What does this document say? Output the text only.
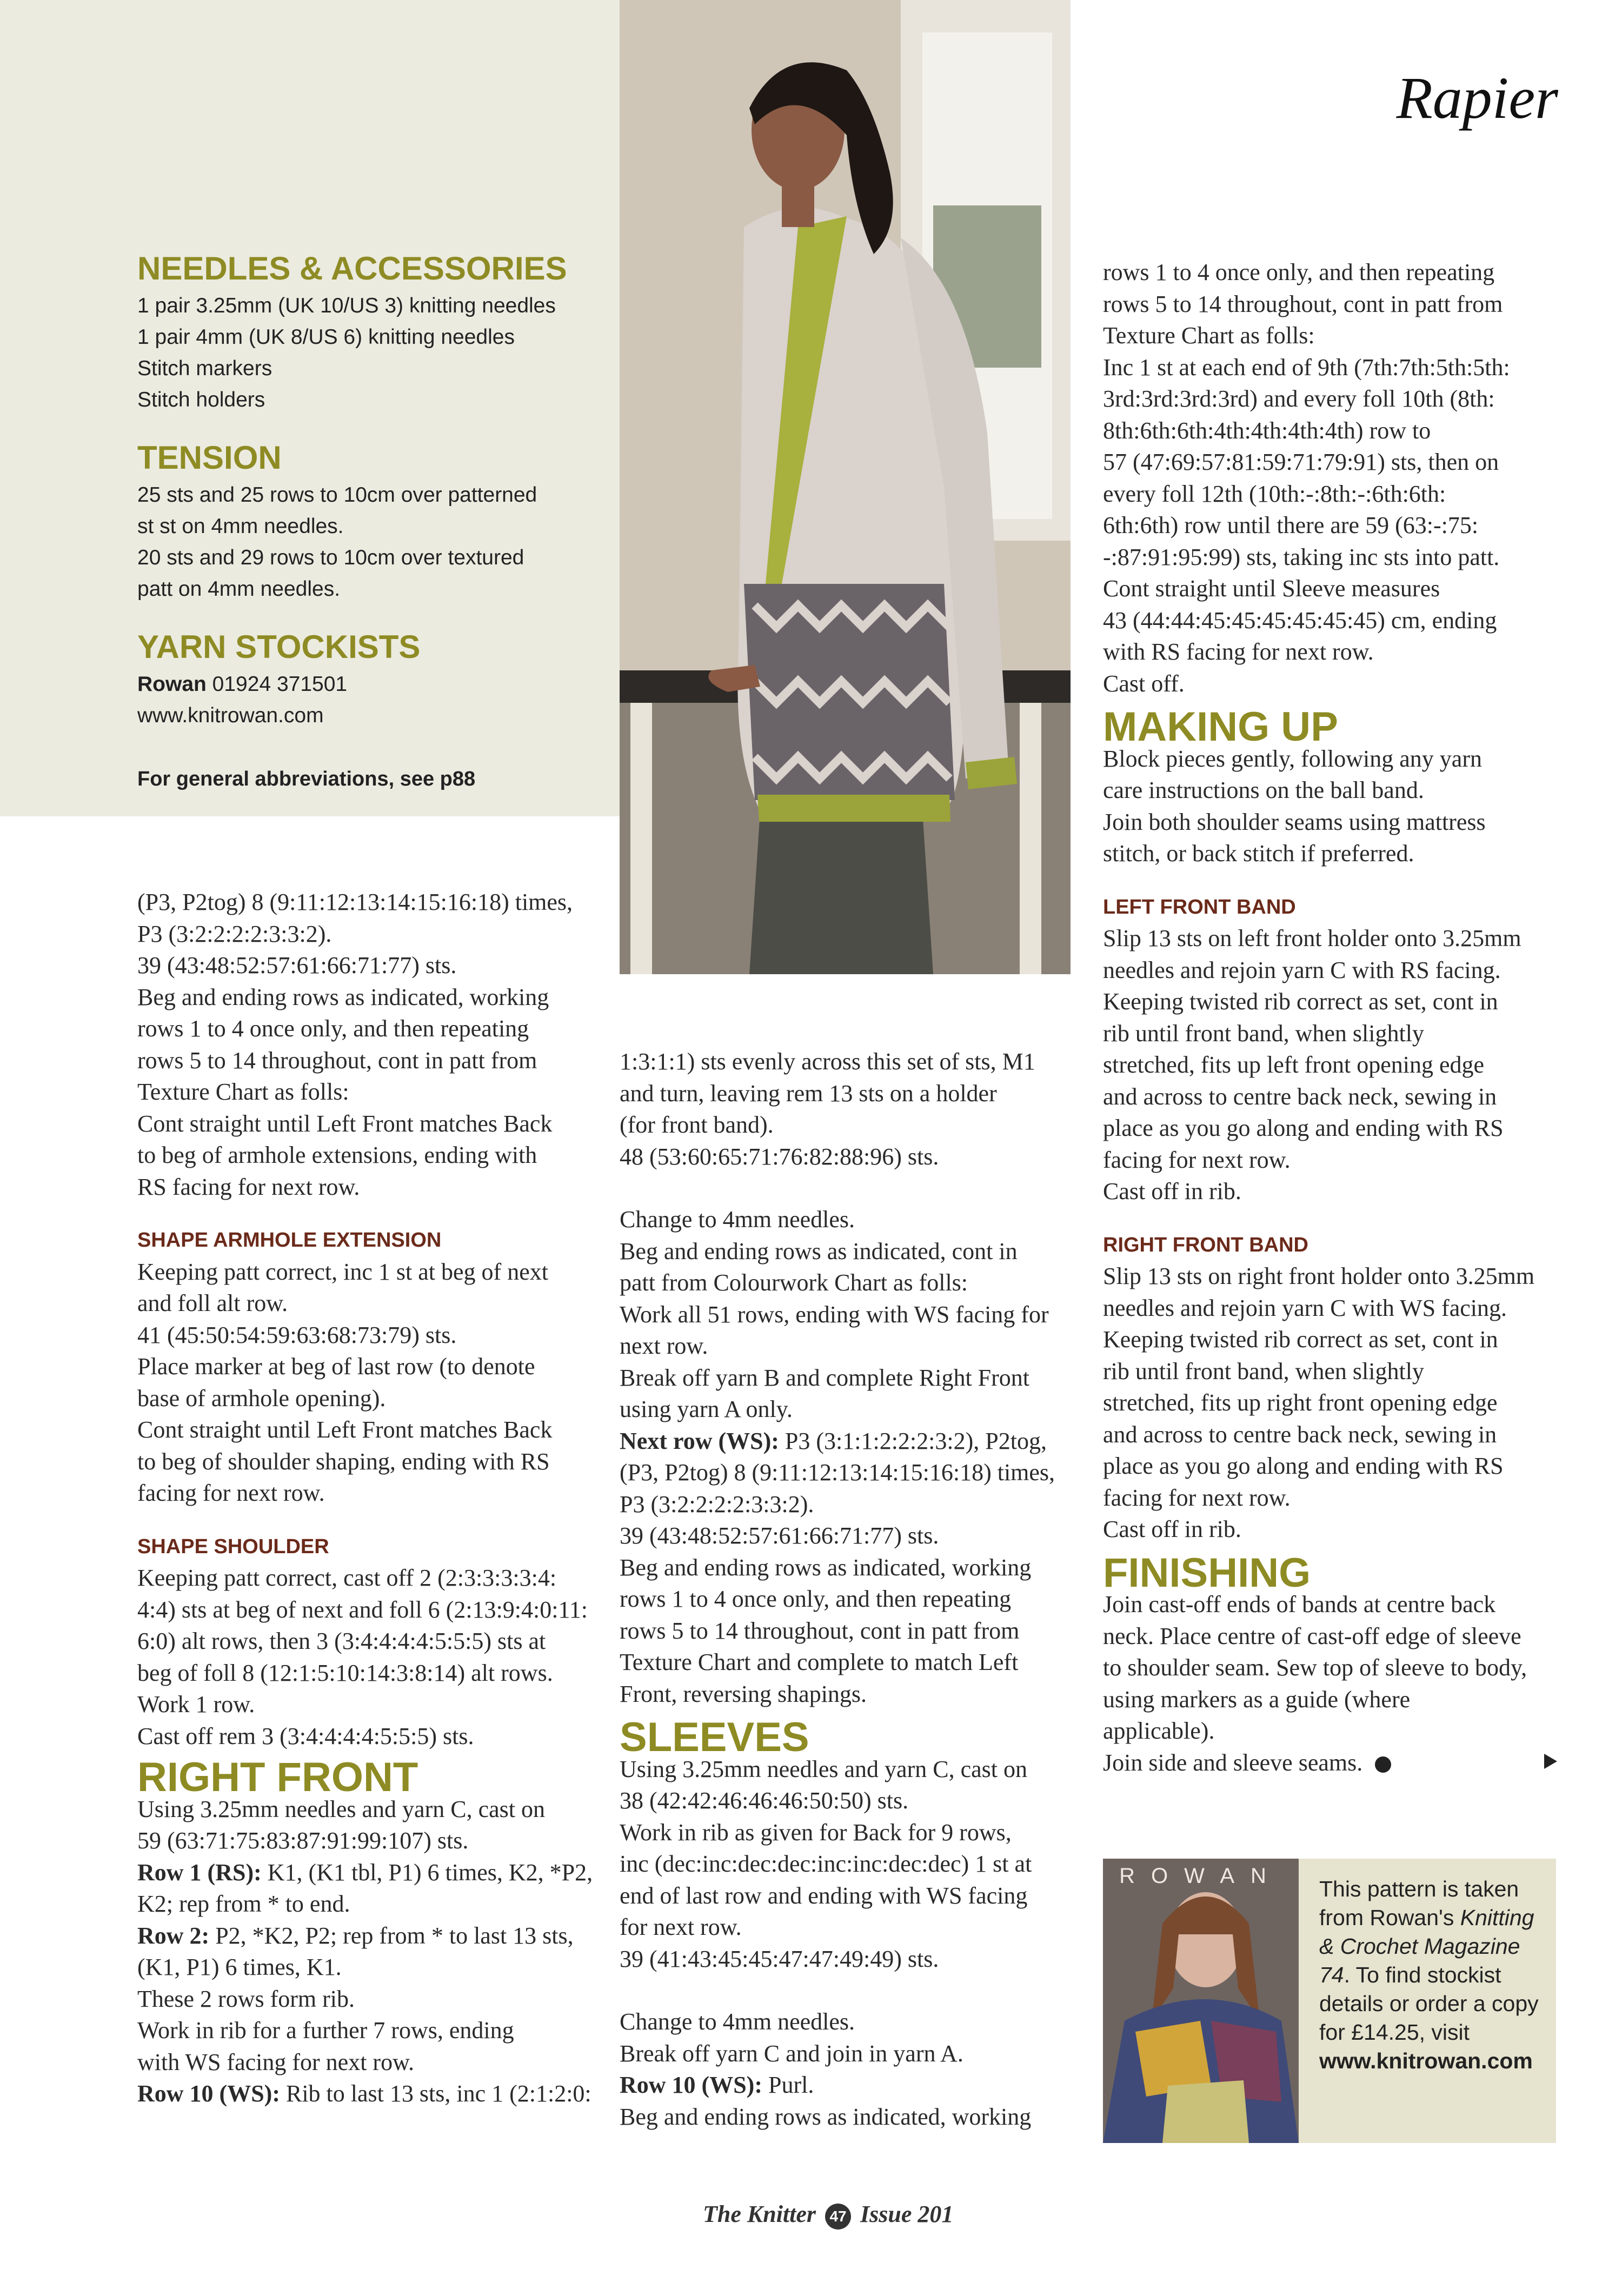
Rapier
NEEDLES & ACCESSORIES
1 pair 3.25mm (UK 10/US 3) knitting needles
1 pair 4mm (UK 8/US 6) knitting needles
Stitch markers
Stitch holders
TENSION
25 sts and 25 rows to 10cm over patterned
st st on 4mm needles.
20 sts and 29 rows to 10cm over textured
patt on 4mm needles.
YARN STOCKISTS
Rowan 01924 371501
www.knitrowan.com
For general abbreviations, see p88

(P3, P2tog) 8 (9:11:12:13:14:15:16:18) times,

P3 (3:2:2:2:2:3:3:2).

39 (43:48:52:57:61:66:71:77) sts.

Beg and ending rows as indicated, working

rows 1 to 4 once only, and then repeating

rows 5 to 14 throughout, cont in patt from

Texture Chart as folls:

Cont straight until Left Front matches Back

to beg of armhole extensions, ending with

RS facing for next row.

SHAPE ARMHOLE EXTENSION

Keeping patt correct, inc 1 st at beg of next

and foll alt row.

41 (45:50:54:59:63:68:73:79) sts.

Place marker at beg of last row (to denote

base of armhole opening).

Cont straight until Left Front matches Back

to beg of shoulder shaping, ending with RS

facing for next row.

SHAPE SHOULDER

Keeping patt correct, cast off 2 (2:3:3:3:3:4:

4:4) sts at beg of next and foll 6 (2:13:9:4:0:11:

6:0) alt rows, then 3 (3:4:4:4:4:5:5:5) sts at

beg of foll 8 (12:1:5:10:14:3:8:14) alt rows.

Work 1 row.

Cast off rem 3 (3:4:4:4:4:5:5:5) sts.

RIGHT FRONT

Using 3.25mm needles and yarn C, cast on

59 (63:71:75:83:87:91:99:107) sts.

Row 1 (RS): K1, (K1 tbl, P1) 6 times, K2, *P2,

K2; rep from * to end.

Row 2: P2, *K2, P2; rep from * to last 13 sts,

(K1, P1) 6 times, K1.

These 2 rows form rib.

Work in rib for a further 7 rows, ending

with WS facing for next row.

Row 10 (WS): Rib to last 13 sts, inc 1 (2:1:2:0:

1:3:1:1) sts evenly across this set of sts, M1

and turn, leaving rem 13 sts on a holder

(for front band).

48 (53:60:65:71:76:82:88:96) sts.

Change to 4mm needles.

Beg and ending rows as indicated, cont in

patt from Colourwork Chart as folls:

Work all 51 rows, ending with WS facing for

next row.

Break off yarn B and complete Right Front

using yarn A only.

Next row (WS): P3 (3:1:1:2:2:2:3:2), P2tog,

(P3, P2tog) 8 (9:11:12:13:14:15:16:18) times,

P3 (3:2:2:2:2:3:3:2).

39 (43:48:52:57:61:66:71:77) sts.

Beg and ending rows as indicated, working

rows 1 to 4 once only, and then repeating

rows 5 to 14 throughout, cont in patt from

Texture Chart and complete to match Left

Front, reversing shapings.

SLEEVES

Using 3.25mm needles and yarn C, cast on

38 (42:42:46:46:46:50:50) sts.

Work in rib as given for Back for 9 rows,

inc (dec:inc:dec:dec:inc:inc:dec:dec) 1 st at

end of last row and ending with WS facing

for next row.

39 (41:43:45:45:47:47:49:49) sts.

Change to 4mm needles.

Break off yarn C and join in yarn A.

Row 10 (WS): Purl.

Beg and ending rows as indicated, working

rows 1 to 4 once only, and then repeating

rows 5 to 14 throughout, cont in patt from

Texture Chart as folls:

Inc 1 st at each end of 9th (7th:7th:5th:5th:

3rd:3rd:3rd:3rd) and every foll 10th (8th:

8th:6th:6th:4th:4th:4th:4th) row to

57 (47:69:57:81:59:71:79:91) sts, then on

every foll 12th (10th:-:8th:-:6th:6th:

6th:6th) row until there are 59 (63:-:75:

-:87:91:95:99) sts, taking inc sts into patt.

Cont straight until Sleeve measures

43 (44:44:45:45:45:45:45:45) cm, ending

with RS facing for next row.

Cast off.

MAKING UP

Block pieces gently, following any yarn

care instructions on the ball band.

Join both shoulder seams using mattress

stitch, or back stitch if preferred.

LEFT FRONT BAND

Slip 13 sts on left front holder onto 3.25mm

needles and rejoin yarn C with RS facing.

Keeping twisted rib correct as set, cont in

rib until front band, when slightly

stretched, fits up left front opening edge

and across to centre back neck, sewing in

place as you go along and ending with RS

facing for next row.

Cast off in rib.

RIGHT FRONT BAND

Slip 13 sts on right front holder onto 3.25mm

needles and rejoin yarn C with WS facing.

Keeping twisted rib correct as set, cont in

rib until front band, when slightly

stretched, fits up right front opening edge

and across to centre back neck, sewing in

place as you go along and ending with RS

facing for next row.

Cast off in rib.

FINISHING

Join cast-off ends of bands at centre back

neck. Place centre of cast-off edge of sleeve

to shoulder seam. Sew top of sleeve to body,

using markers as a guide (where

applicable).

Join side and sleeve seams.

ROWAN
This pattern is taken from Rowan's Knitting & Crochet Magazine 74. To find stockist details or order a copy for £14.25, visit www.knitrowan.com
The Knitter 47 Issue 201
